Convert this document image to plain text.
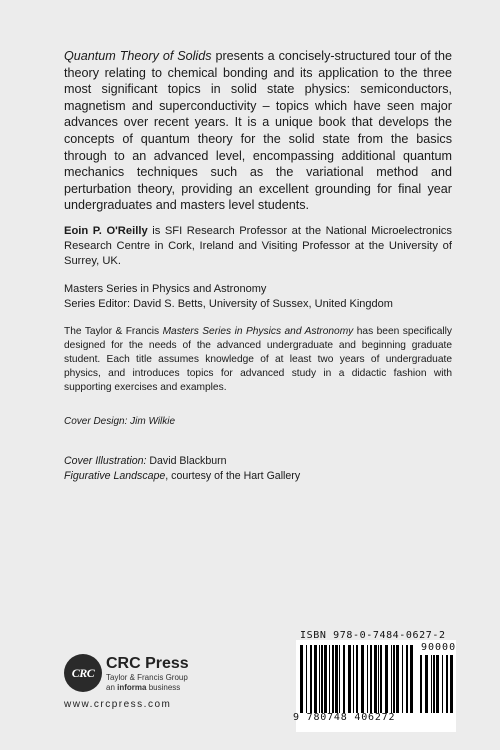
Quantum Theory of Solids presents a concisely-structured tour of the theory relating to chemical bonding and its application to the three most significant topics in solid state physics: semiconductors, magnetism and superconductivity – topics which have seen major advances over recent years. It is a unique book that develops the concepts of quantum theory for the solid state from the basics through to an advanced level, encompassing additional quantum mechanics techniques such as the variational method and perturbation theory, providing an excellent grounding for final year undergraduates and masters level students.
Eoin P. O'Reilly is SFI Research Professor at the National Microelectronics Research Centre in Cork, Ireland and Visiting Professor at the University of Surrey, UK.
Masters Series in Physics and Astronomy
Series Editor: David S. Betts, University of Sussex, United Kingdom
The Taylor & Francis Masters Series in Physics and Astronomy has been specifically designed for the needs of the advanced undergraduate and beginning graduate student. Each title assumes knowledge of at least two years of undergraduate physics, and introduces topics for advanced study in a didactic fashion with supporting exercises and examples.
Cover Design: Jim Wilkie
Cover Illustration: David Blackburn
Figurative Landscape, courtesy of the Hart Gallery
CRC
CRC Press
Taylor & Francis Group
an informa business
www.crcpress.com
ISBN 978-0-7484-0627-2
90000
9 780748 406272
